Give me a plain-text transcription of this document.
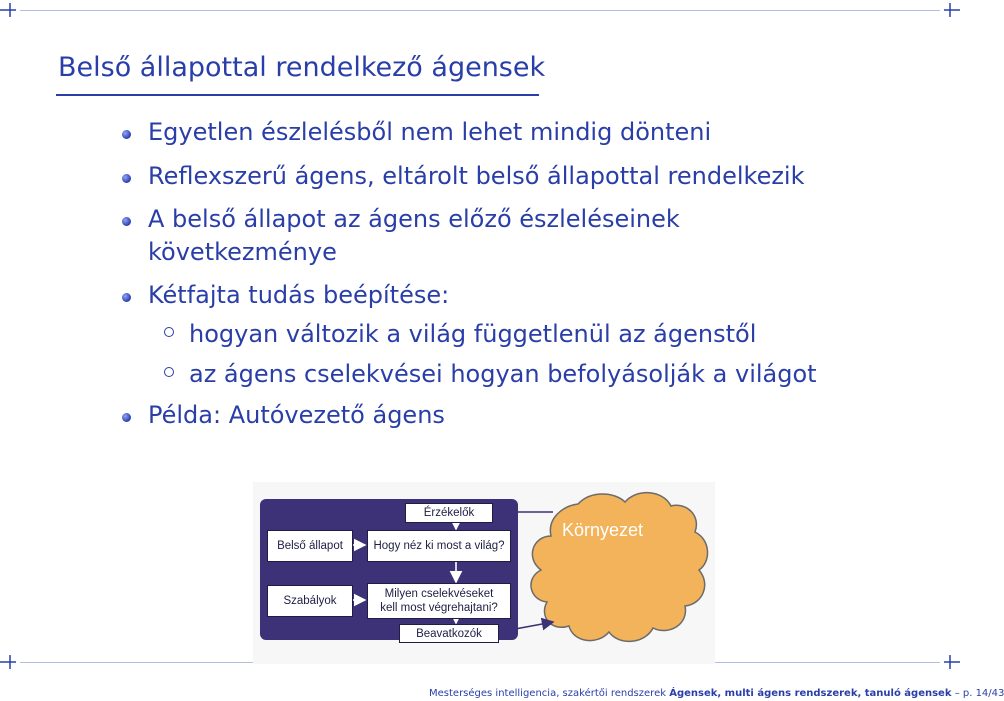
Belső állapottal rendelkező ágensek
Egyetlen észlelésből nem lehet mindig dönteni
Reflexszerű ágens, eltárolt belső állapottal rendelkezik
A belső állapot az ágens előző észleléseinek
következménye
Kétfajta tudás beépítése:
hogyan változik a világ függetlenül az ágenstől
az ágens cselekvései hogyan befolyásolják a világot
Példa: Autóvezető ágens
Érzékelők
Belső állapot	Hogy néz ki most a világ?
Szabályok
Milyen cselekvéseket
kell most végrehajtani?
Beavatkozók
Környezet
Mesterséges intelligencia, szakértői rendszerek Ágensek, multi ágens rendszerek, tanuló ágensek – p. 14/43
